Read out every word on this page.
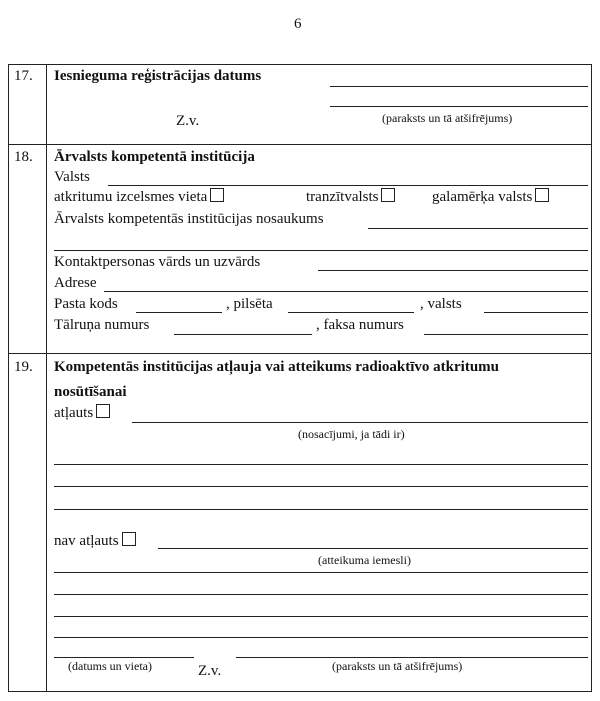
6
17. Iesnieguma reģistrācijas datums
Z.v.	(paraksts un tā atšifrējums)
18. Ārvalsts kompetentā institūcija
Valsts
atkritumu izcelsmes vieta	tranzītvalsts	galamērķa valsts
Ārvalsts kompetentās institūcijas nosaukums
Kontaktpersonas vārds un uzvārds
Adrese
Pasta kods	, pilsēta	, valsts
Tālruņa numurs	, faksa numurs
19. Kompetentās institūcijas atļauja vai atteikums radioaktīvo atkritumu
nosūtīšanai
atļauts
(nosacījumi, ja tādi ir)
nav atļauts
(atteikuma iemesli)
(datums un vieta)	Z.v.	(paraksts un tā atšifrējums)
